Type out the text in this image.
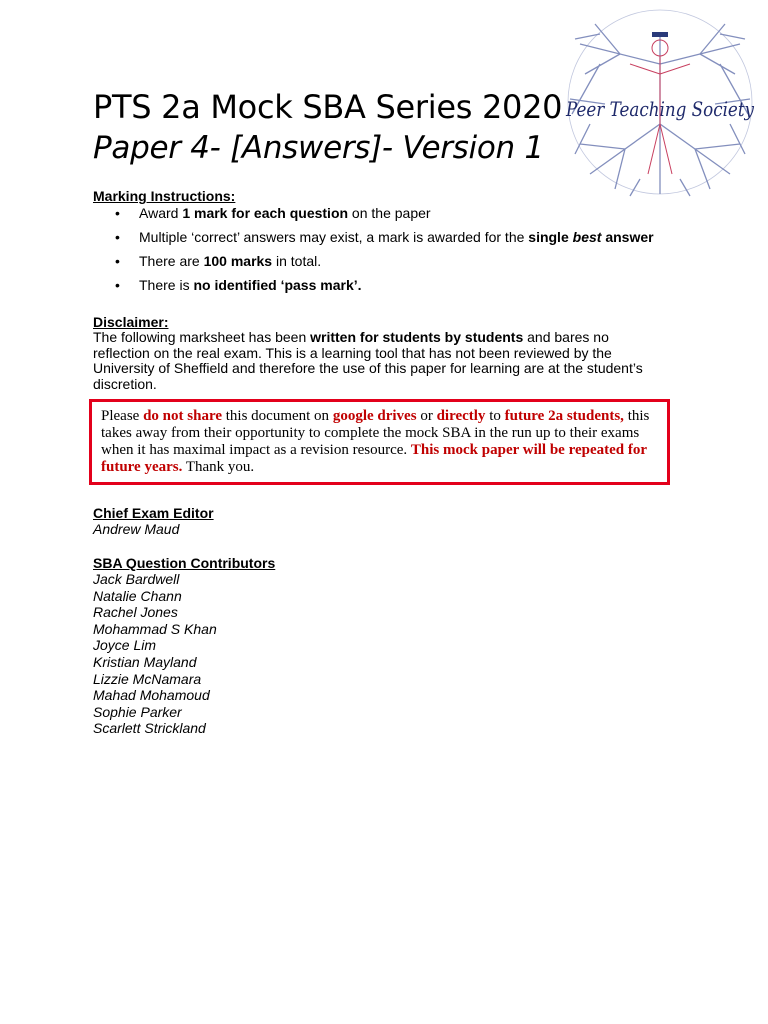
PTS 2a Mock SBA Series 2020
Paper 4- [Answers]- Version 1
Peer Teaching Society
Marking Instructions:
• Award 1 mark for each question on the paper
• Multiple ‘correct’ answers may exist, a mark is awarded for the single best answer
• There are 100 marks in total.
• There is no identified ‘pass mark’.
Disclaimer:
The following marksheet has been written for students by students and bares no reflection on the real exam. This is a learning tool that has not been reviewed by the University of Sheffield and therefore the use of this paper for learning are at the student’s discretion.
Please do not share this document on google drives or directly to future 2a students, this takes away from their opportunity to complete the mock SBA in the run up to their exams when it has maximal impact as a revision resource. This mock paper will be repeated for future years. Thank you.
Chief Exam Editor
Andrew Maud
SBA Question Contributors
Jack Bardwell
Natalie Chann
Rachel Jones
Mohammad S Khan
Joyce Lim
Kristian Mayland
Lizzie McNamara
Mahad Mohamoud
Sophie Parker
Scarlett Strickland
